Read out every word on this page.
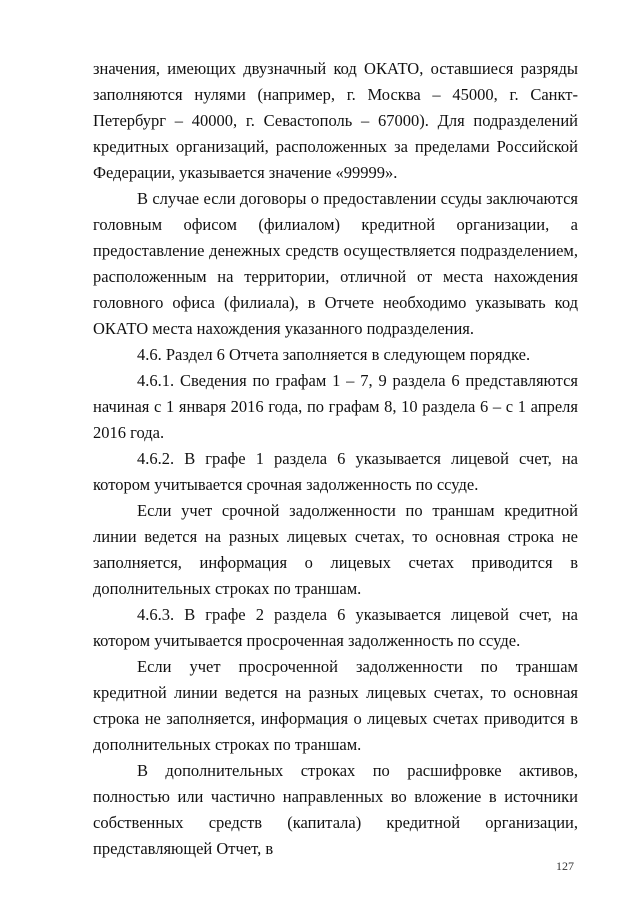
значения, имеющих двузначный код ОКАТО, оставшиеся разряды заполняются нулями (например, г. Москва – 45000, г. Санкт-Петербург – 40000, г. Севастополь – 67000). Для подразделений кредитных организаций, расположенных за пределами Российской Федерации, указывается значение «99999».

В случае если договоры о предоставлении ссуды заключаются головным офисом (филиалом) кредитной организации, а предоставление денежных средств осуществляется подразделением, расположенным на территории, отличной от места нахождения головного офиса (филиала), в Отчете необходимо указывать код ОКАТО места нахождения указанного подразделения.

4.6. Раздел 6 Отчета заполняется в следующем порядке.

4.6.1. Сведения по графам 1 – 7, 9 раздела 6 представляются начиная с 1 января 2016 года, по графам 8, 10 раздела 6 – с 1 апреля 2016 года.

4.6.2. В графе 1 раздела 6 указывается лицевой счет, на котором учитывается срочная задолженность по ссуде.

Если учет срочной задолженности по траншам кредитной линии ведется на разных лицевых счетах, то основная строка не заполняется, информация о лицевых счетах приводится в дополнительных строках по траншам.

4.6.3. В графе 2 раздела 6 указывается лицевой счет, на котором учитывается просроченная задолженность по ссуде.

Если учет просроченной задолженности по траншам кредитной линии ведется на разных лицевых счетах, то основная строка не заполняется, информация о лицевых счетах приводится в дополнительных строках по траншам.

В дополнительных строках по расшифровке активов, полностью или частично направленных во вложение в источники собственных средств (капитала) кредитной организации, представляющей Отчет, в

127
